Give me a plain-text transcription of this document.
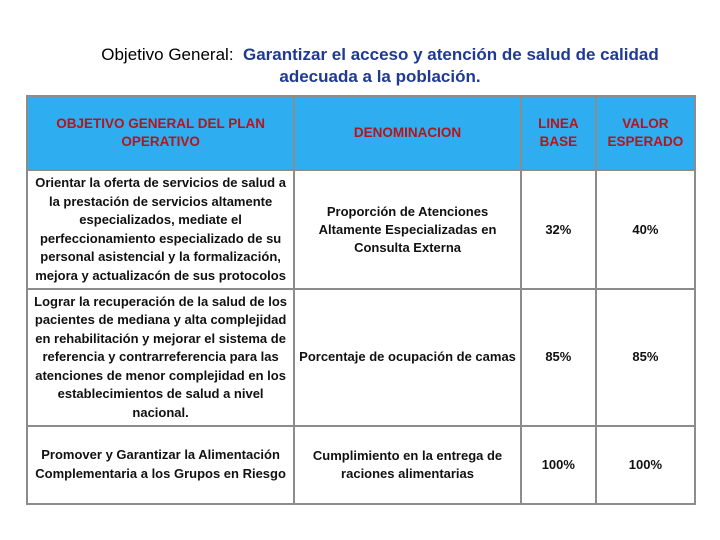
Objetivo General: Garantizar el acceso y atención de salud de calidad adecuada a la población.
OBJETIVO GENERAL DEL PLAN OPERATIVO	DENOMINACION	LINEA BASE	VALOR ESPERADO
Orientar la oferta de servicios de salud a la prestación de servicios altamente especializados, mediate el perfeccionamiento especializado de su personal asistencial y la formalización, mejora y actualizacón de sus protocolos	Proporción de Atenciones Altamente Especializadas en Consulta Externa	32%	40%
Lograr la recuperación de la salud de los pacientes de mediana y alta complejidad en rehabilitación y mejorar el sistema de referencia y contrarreferencia para las atenciones de menor complejidad en los establecimientos de salud a nivel nacional.	Porcentaje de ocupación de camas	85%	85%
Promover y Garantizar la Alimentación Complementaria a los Grupos en Riesgo	Cumplimiento en la entrega de raciones alimentarias	100%	100%
